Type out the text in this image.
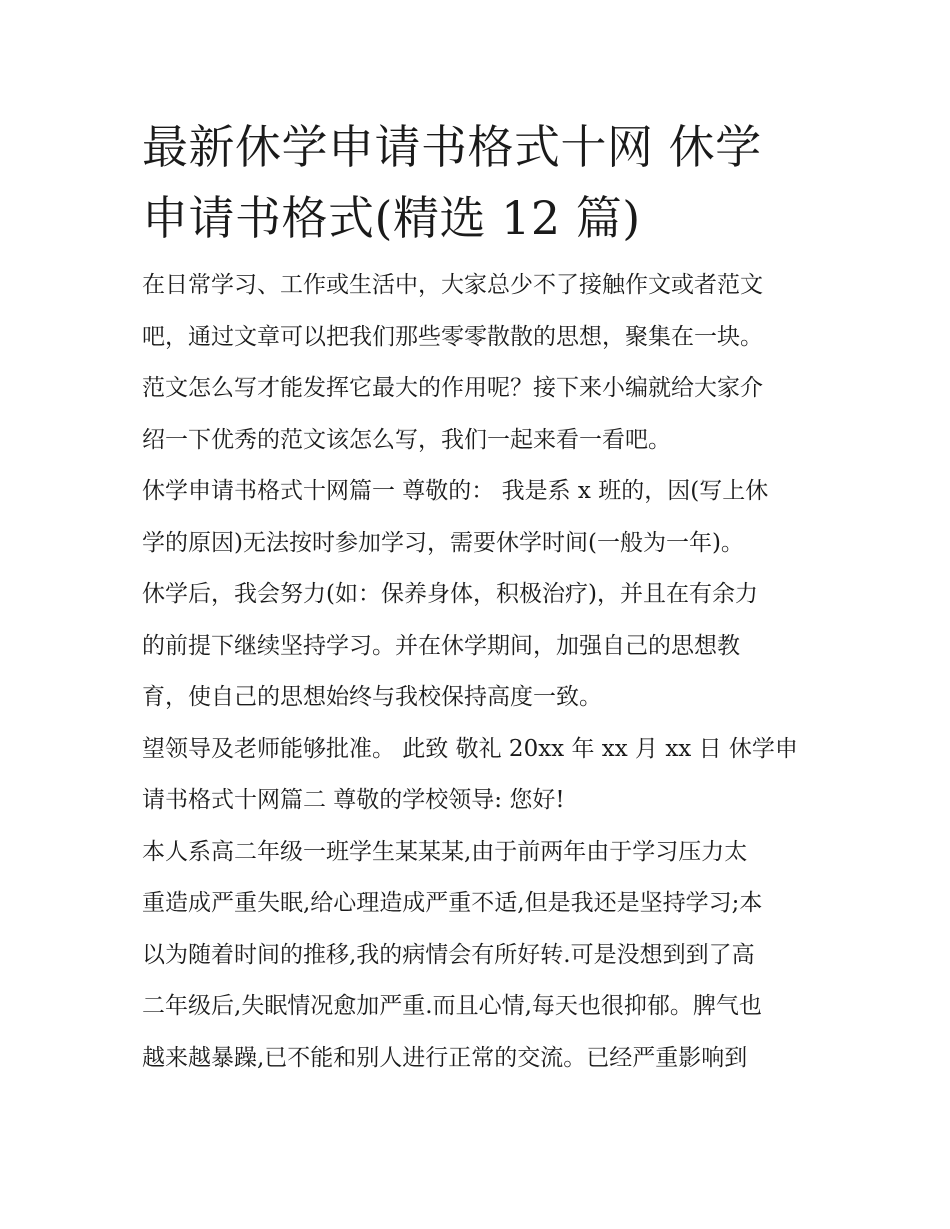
最新休学申请书格式十网 休学
申请书格式(精选 12 篇)

在日常学习、工作或生活中，大家总少不了接触作文或者范文
吧，通过文章可以把我们那些零零散散的思想，聚集在一块。
范文怎么写才能发挥它最大的作用呢？接下来小编就给大家介
绍一下优秀的范文该怎么写，我们一起来看一看吧。

休学申请书格式十网篇一 尊敬的： 我是系 x 班的，因(写上休
学的原因)无法按时参加学习，需要休学时间(一般为一年)。
休学后，我会努力(如：保养身体，积极治疗)，并且在有余力
的前提下继续坚持学习。并在休学期间，加强自己的思想教
育，使自己的思想始终与我校保持高度一致。

望领导及老师能够批准。 此致 敬礼 20xx 年 xx 月 xx 日 休学申
请书格式十网篇二 尊敬的学校领导: 您好!

本人系高二年级一班学生某某某,由于前两年由于学习压力太
重造成严重失眠,给心理造成严重不适,但是我还是坚持学习;本
以为随着时间的推移,我的病情会有所好转.可是没想到到了高
二年级后,失眠情况愈加严重.而且心情,每天也很抑郁。脾气也
越来越暴躁,已不能和别人进行正常的交流。已经严重影响到
